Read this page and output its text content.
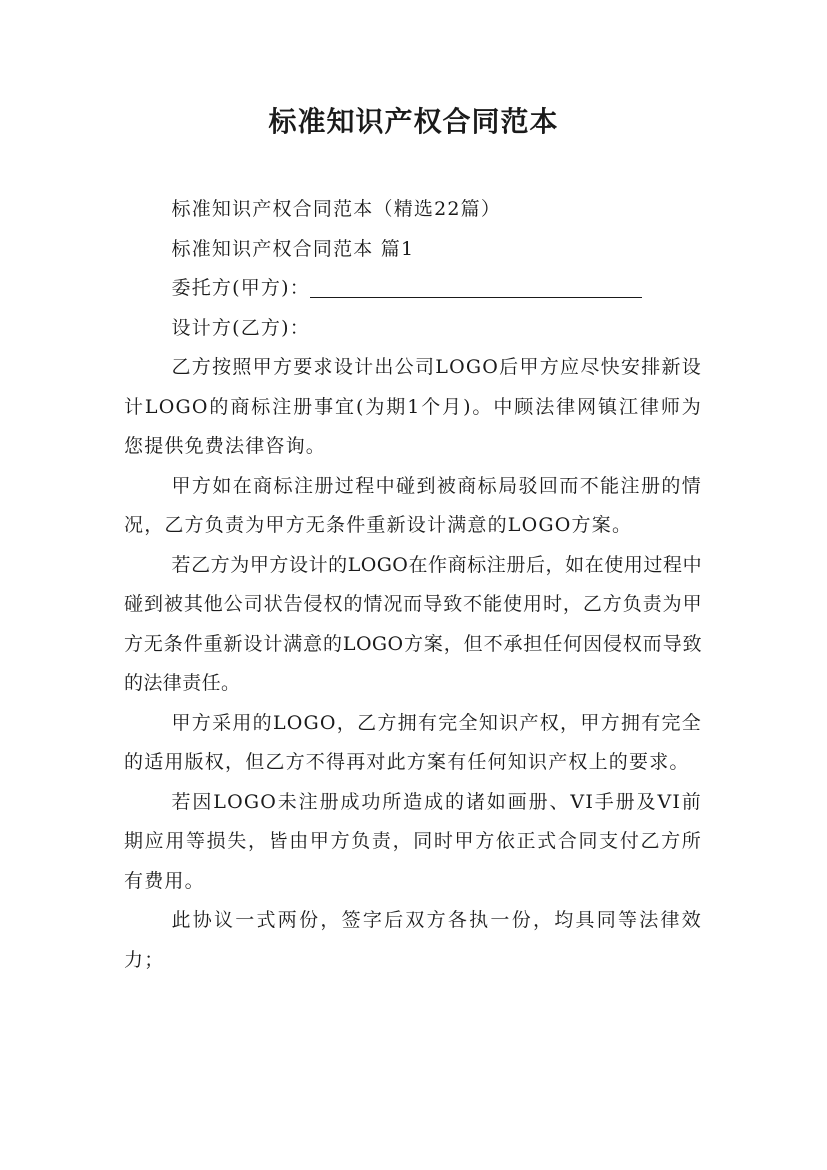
标准知识产权合同范本

标准知识产权合同范本（精选22篇）

标准知识产权合同范本 篇1

委托方(甲方)：

设计方(乙方)：

乙方按照甲方要求设计出公司LOGO后甲方应尽快安排新设计LOGO的商标注册事宜(为期1个月)。中顾法律网镇江律师为您提供免费法律咨询。

甲方如在商标注册过程中碰到被商标局驳回而不能注册的情况，乙方负责为甲方无条件重新设计满意的LOGO方案。

若乙方为甲方设计的LOGO在作商标注册后，如在使用过程中碰到被其他公司状告侵权的情况而导致不能使用时，乙方负责为甲方无条件重新设计满意的LOGO方案，但不承担任何因侵权而导致的法律责任。

甲方采用的LOGO，乙方拥有完全知识产权，甲方拥有完全的适用版权，但乙方不得再对此方案有任何知识产权上的要求。

若因LOGO未注册成功所造成的诸如画册、VI手册及VI前期应用等损失，皆由甲方负责，同时甲方依正式合同支付乙方所有费用。

此协议一式两份，签字后双方各执一份，均具同等法律效力；
